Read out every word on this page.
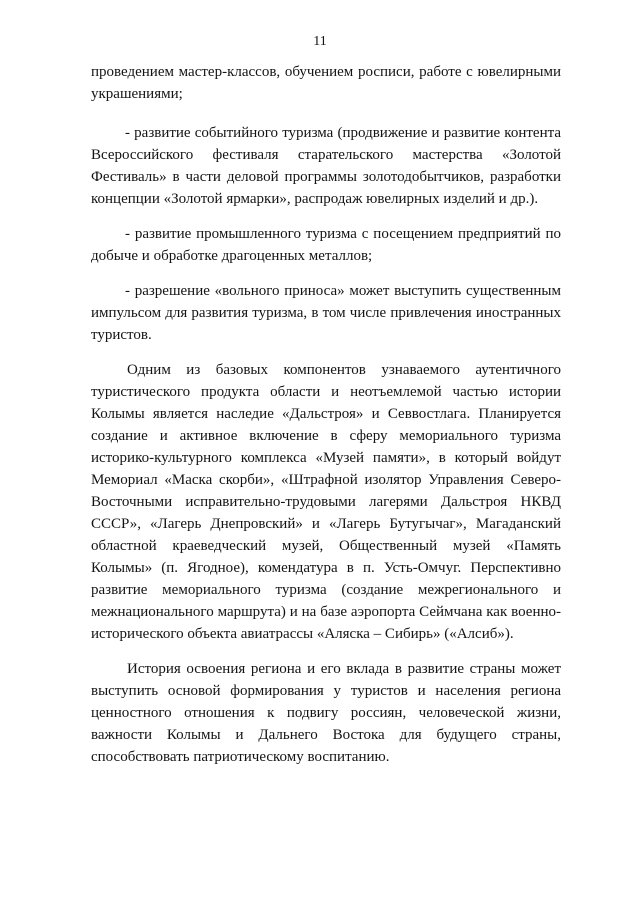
11

проведением мастер-классов, обучением росписи, работе с ювелирными украшениями;

- развитие событийного туризма (продвижение и развитие контента Всероссийского фестиваля старательского мастерства «Золотой Фестиваль» в части деловой программы золотодобытчиков, разработки концепции «Золотой ярмарки», распродаж ювелирных изделий и др.).

- развитие промышленного туризма с посещением предприятий по добыче и обработке драгоценных металлов;

- разрешение «вольного приноса» может выступить существенным импульсом для развития туризма, в том числе привлечения иностранных туристов.

Одним из базовых компонентов узнаваемого аутентичного туристического продукта области и неотъемлемой частью истории Колымы является наследие «Дальстроя» и Севвостлага. Планируется создание и активное включение в сферу мемориального туризма историко-культурного комплекса «Музей памяти», в который войдут Мемориал «Маска скорби», «Штрафной изолятор Управления Северо-Восточными исправительно-трудовыми лагерями Дальстроя НКВД СССР», «Лагерь Днепровский» и «Лагерь Бутугычаг», Магаданский областной краеведческий музей, Общественный музей «Память Колымы» (п. Ягодное), комендатура в п. Усть-Омчуг. Перспективно развитие мемориального туризма (создание межрегионального и межнационального маршрута) и на базе аэропорта Сеймчана как военно-исторического объекта авиатрассы «Аляска – Сибирь» («Алсиб»).

История освоения региона и его вклада в развитие страны может выступить основой формирования у туристов и населения региона ценностного отношения к подвигу россиян, человеческой жизни, важности Колымы и Дальнего Востока для будущего страны, способствовать патриотическому воспитанию.
